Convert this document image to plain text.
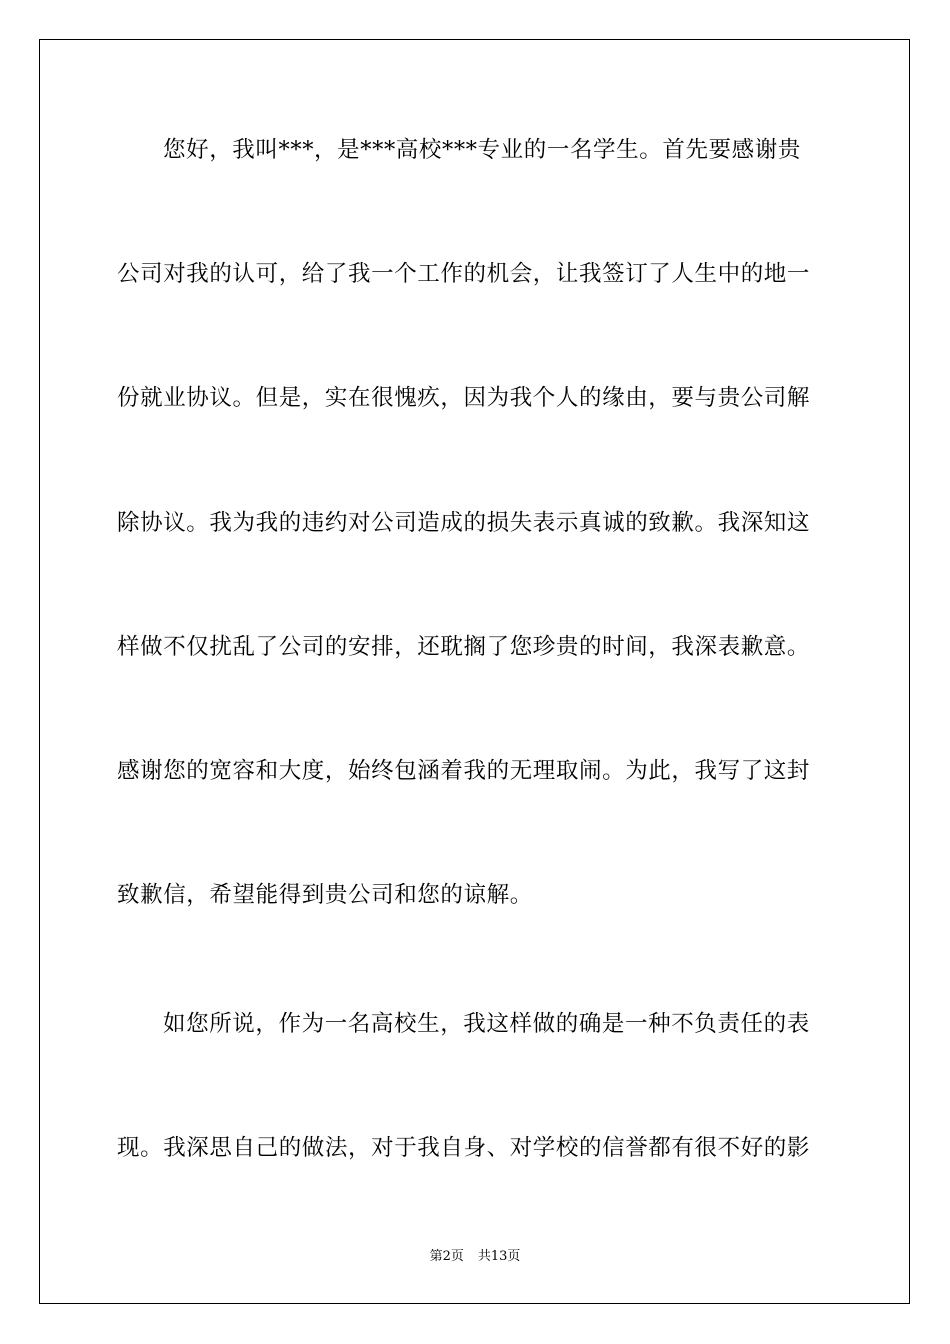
您好，我叫***，是***高校***专业的一名学生。首先要感谢贵
公司对我的认可，给了我一个工作的机会，让我签订了人生中的地一
份就业协议。但是，实在很愧疚，因为我个人的缘由，要与贵公司解
除协议。我为我的违约对公司造成的损失表示真诚的致歉。我深知这
样做不仅扰乱了公司的安排，还耽搁了您珍贵的时间，我深表歉意。
感谢您的宽容和大度，始终包涵着我的无理取闹。为此，我写了这封
致歉信，希望能得到贵公司和您的谅解。
如您所说，作为一名高校生，我这样做的确是一种不负责任的表
现。我深思自己的做法，对于我自身、对学校的信誉都有很不好的影
第2页 共13页
